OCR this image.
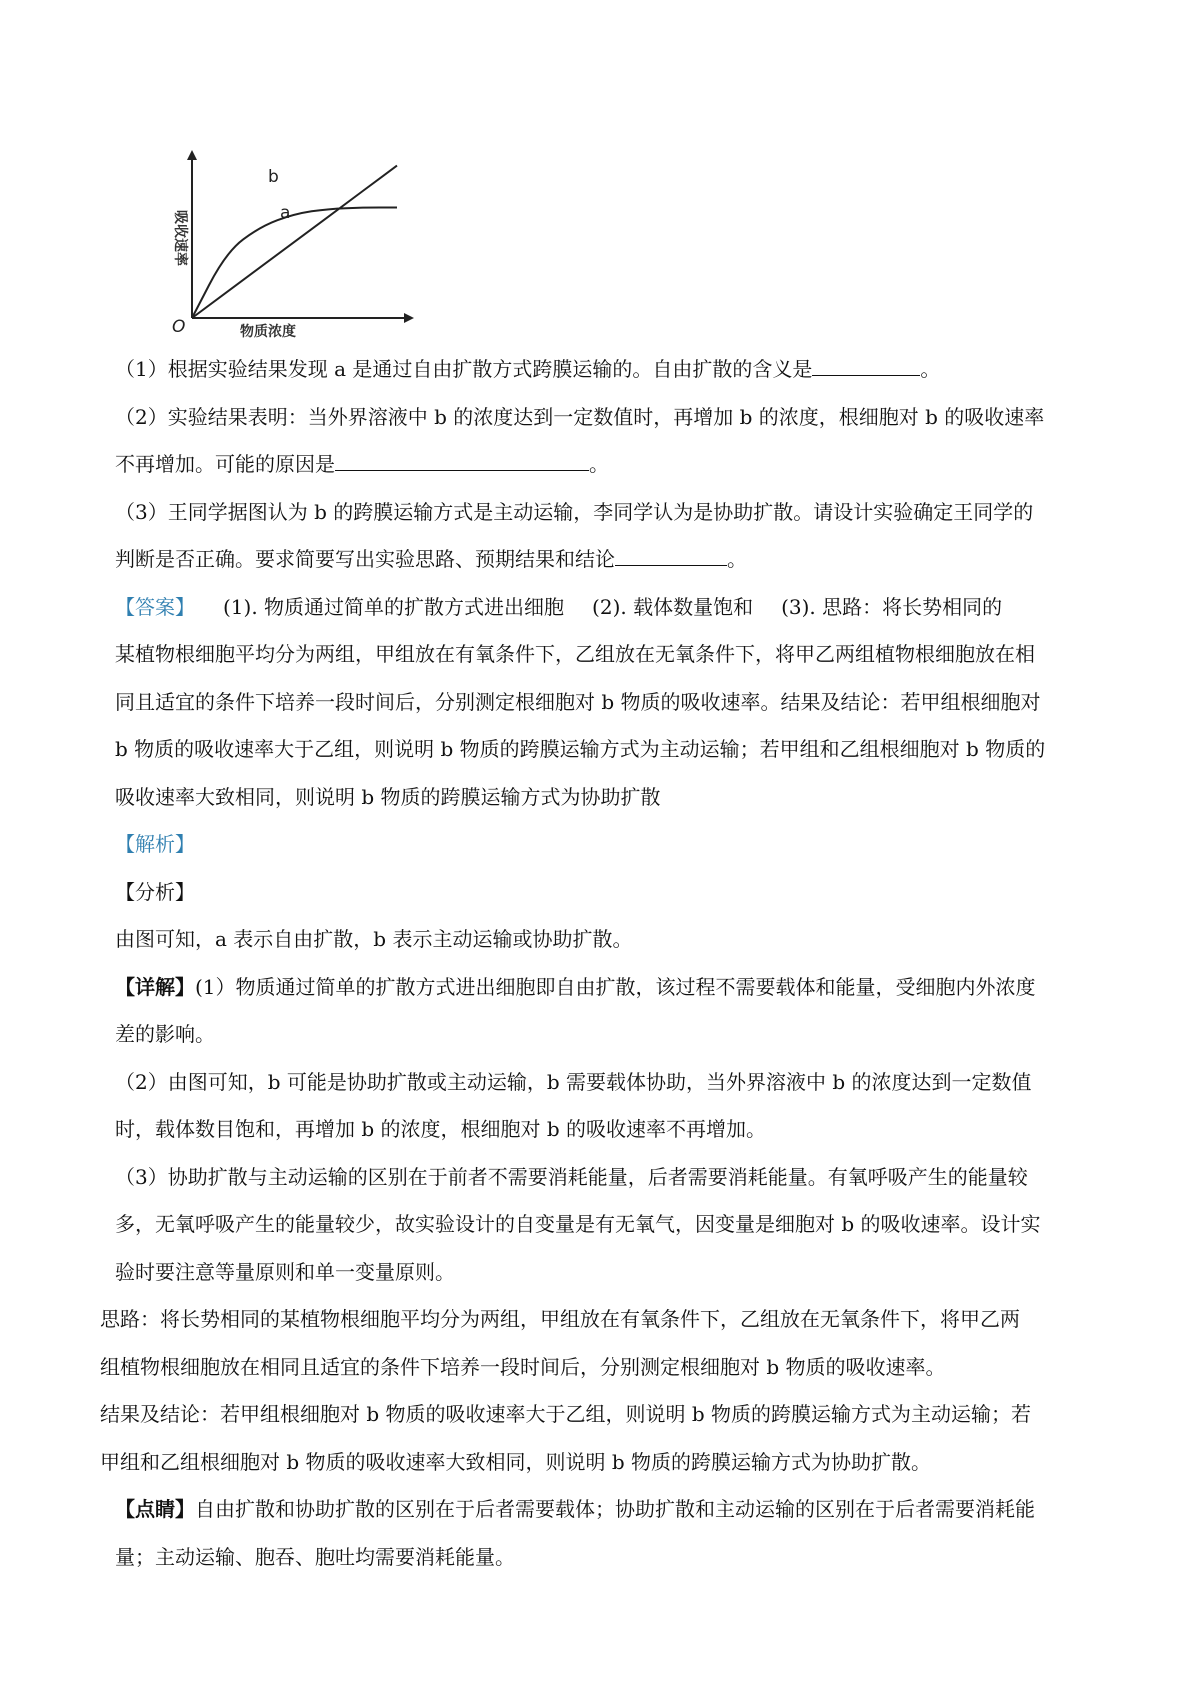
b
a
O	物质浓度
吸收速率
（1）根据实验结果发现 a 是通过自由扩散方式跨膜运输的。自由扩散的含义是	。
（2）实验结果表明：当外界溶液中 b 的浓度达到一定数值时，再增加 b 的浓度，根细胞对 b 的吸收速率
不再增加。可能的原因是	。
（3）王同学据图认为 b 的跨膜运输方式是主动运输，李同学认为是协助扩散。请设计实验确定王同学的
判断是否正确。要求简要写出实验思路、预期结果和结论	。
【答案】 (1). 物质通过简单的扩散方式进出细胞 (2). 载体数量饱和 (3). 思路：将长势相同的
某植物根细胞平均分为两组，甲组放在有氧条件下，乙组放在无氧条件下，将甲乙两组植物根细胞放在相
同且适宜的条件下培养一段时间后，分别测定根细胞对 b 物质的吸收速率。结果及结论：若甲组根细胞对
b 物质的吸收速率大于乙组，则说明 b 物质的跨膜运输方式为主动运输；若甲组和乙组根细胞对 b 物质的
吸收速率大致相同，则说明 b 物质的跨膜运输方式为协助扩散
【解析】
【分析】
由图可知，a 表示自由扩散，b 表示主动运输或协助扩散。
【详解】(1）物质通过简单的扩散方式进出细胞即自由扩散，该过程不需要载体和能量，受细胞内外浓度
差的影响。
（2）由图可知，b 可能是协助扩散或主动运输，b 需要载体协助，当外界溶液中 b 的浓度达到一定数值
时，载体数目饱和，再增加 b 的浓度，根细胞对 b 的吸收速率不再增加。
（3）协助扩散与主动运输的区别在于前者不需要消耗能量，后者需要消耗能量。有氧呼吸产生的能量较
多，无氧呼吸产生的能量较少，故实验设计的自变量是有无氧气，因变量是细胞对 b 的吸收速率。设计实
验时要注意等量原则和单一变量原则。
思路：将长势相同的某植物根细胞平均分为两组，甲组放在有氧条件下，乙组放在无氧条件下，将甲乙两
组植物根细胞放在相同且适宜的条件下培养一段时间后，分别测定根细胞对 b 物质的吸收速率。
结果及结论：若甲组根细胞对 b 物质的吸收速率大于乙组，则说明 b 物质的跨膜运输方式为主动运输；若
甲组和乙组根细胞对 b 物质的吸收速率大致相同，则说明 b 物质的跨膜运输方式为协助扩散。
【点睛】自由扩散和协助扩散的区别在于后者需要载体；协助扩散和主动运输的区别在于后者需要消耗能
量；主动运输、胞吞、胞吐均需要消耗能量。
